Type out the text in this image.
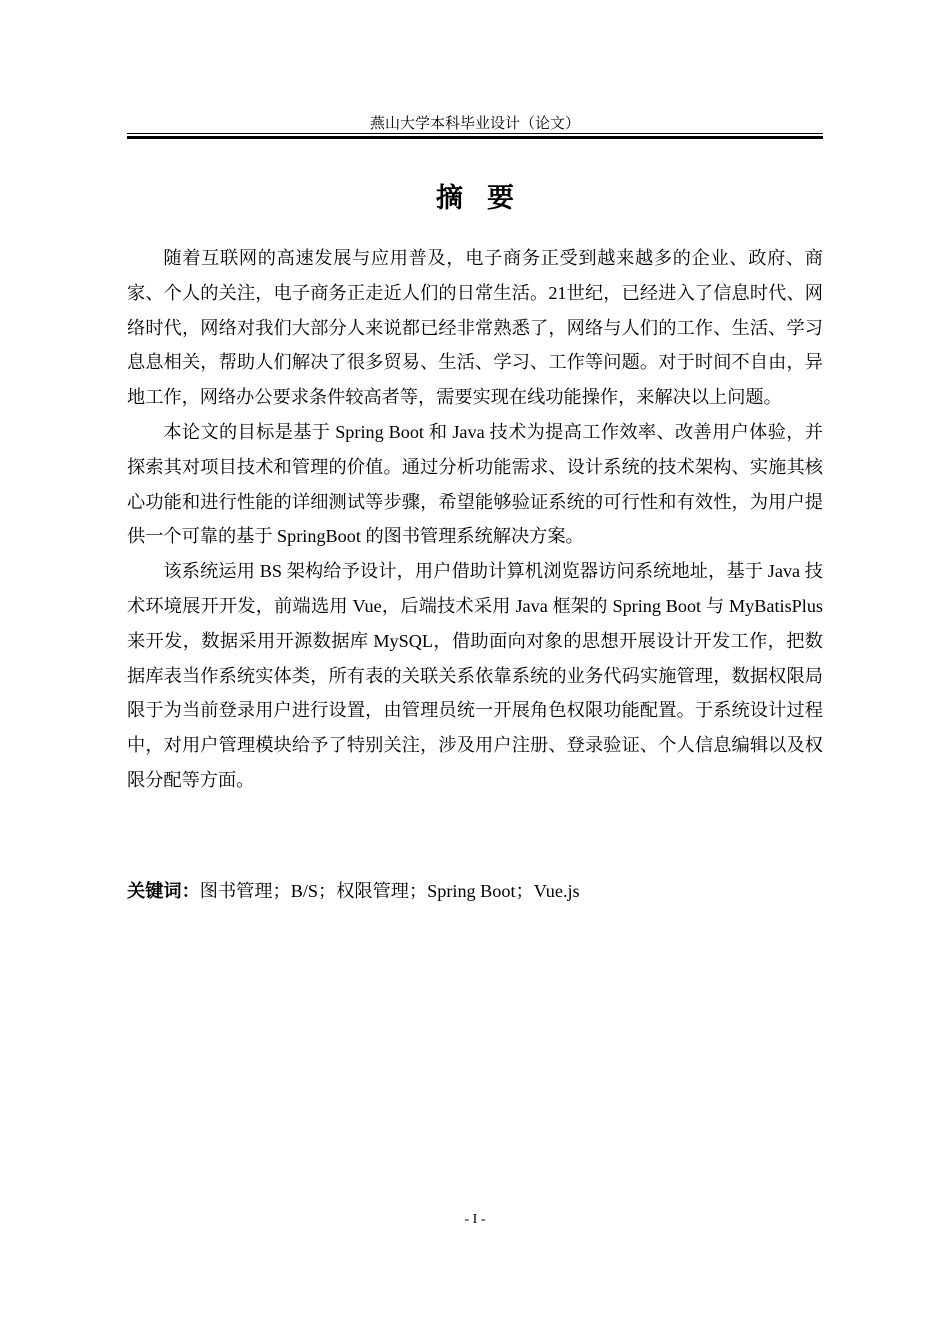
燕山大学本科毕业设计（论文）
摘 要

随着互联网的高速发展与应用普及，电子商务正受到越来越多的企业、政府、商家、个人的关注，电子商务正走近人们的日常生活。21世纪，已经进入了信息时代、网络时代，网络对我们大部分人来说都已经非常熟悉了，网络与人们的工作、生活、学习息息相关，帮助人们解决了很多贸易、生活、学习、工作等问题。对于时间不自由，异地工作，网络办公要求条件较高者等，需要实现在线功能操作，来解决以上问题。

本论文的目标是基于 Spring Boot 和 Java 技术为提高工作效率、改善用户体验，并探索其对项目技术和管理的价值。通过分析功能需求、设计系统的技术架构、实施其核心功能和进行性能的详细测试等步骤，希望能够验证系统的可行性和有效性，为用户提供一个可靠的基于 SpringBoot 的图书管理系统解决方案。

该系统运用 BS 架构给予设计，用户借助计算机浏览器访问系统地址，基于 Java 技术环境展开开发，前端选用 Vue，后端技术采用 Java 框架的 Spring Boot 与 MyBatisPlus 来开发，数据采用开源数据库 MySQL，借助面向对象的思想开展设计开发工作，把数据库表当作系统实体类，所有表的关联关系依靠系统的业务代码实施管理，数据权限局限于为当前登录用户进行设置，由管理员统一开展角色权限功能配置。于系统设计过程中，对用户管理模块给予了特别关注，涉及用户注册、登录验证、个人信息编辑以及权限分配等方面。

关键词：图书管理；B/S；权限管理；Spring Boot；Vue.js
- I -
